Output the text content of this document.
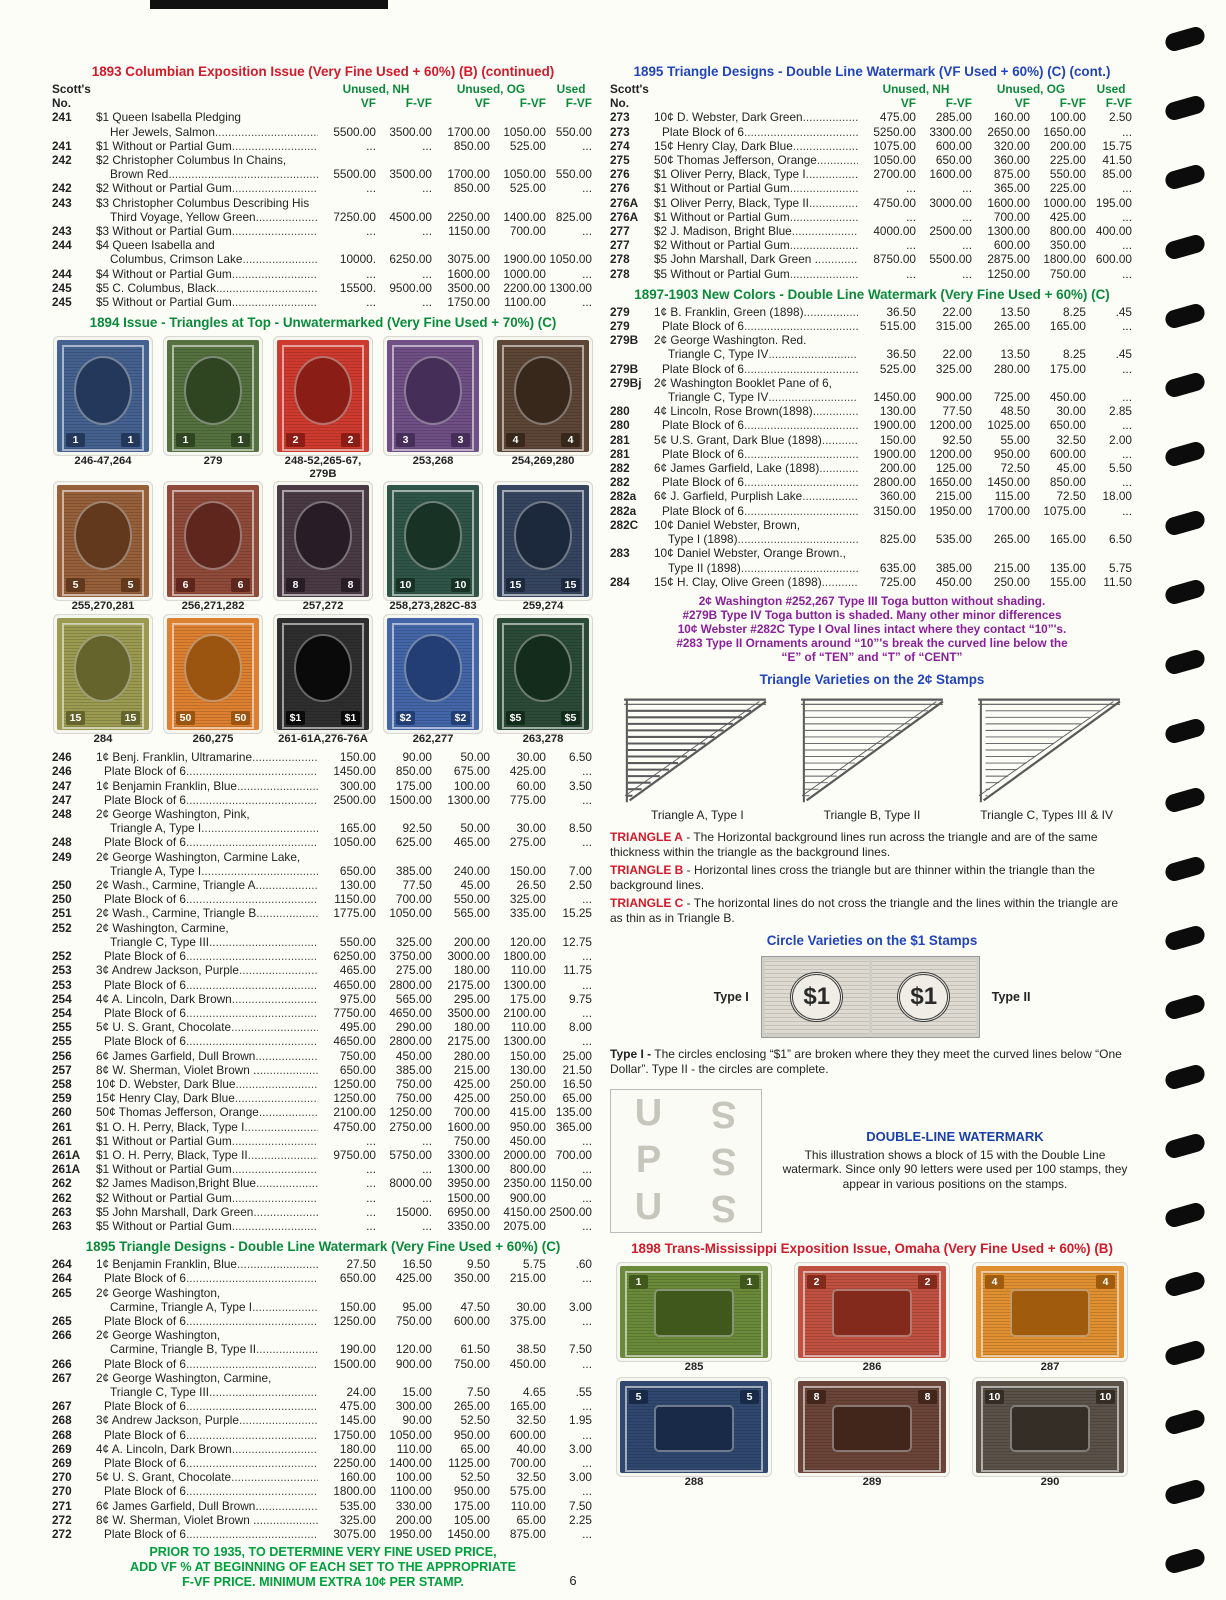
1893 Columbian Exposition Issue (Very Fine Used + 60%) (B) (continued)
Scott's	Unused, NH	Unused, OG	Used
No.	VF	F-VF	VF	F-VF	F-VF
241	$1 Queen Isabella Pledging
Her Jewels, Salmon .....	5500.00	3500.00	1700.00	1050.00 550.00
241	$1 Without or Partial Gum .....	...	...	850.00	525.00	...
242	$2 Christopher Columbus In Chains,
Brown Red .....	5500.00	3500.00	1700.00	1050.00 550.00
242	$2 Without or Partial Gum .....	...	...	850.00	525.00	...
243	$3 Christopher Columbus Describing His
Third Voyage, Yellow Green .....	7250.00	4500.00	2250.00	1400.00 825.00
243	$3 Without or Partial Gum .....	...	...	1150.00	700.00	...
244	$4 Queen Isabella and
Columbus, Crimson Lake .....	10000.	6250.00	3075.00	1900.00 1050.00
244	$4 Without or Partial Gum .....	...	...	1600.00	1000.00	...
245	$5 C. Columbus, Black .....	15500.	9500.00	3500.00	2200.00 1300.00
245	$5 Without or Partial Gum .....	...	...	1750.00	1100.00	...
1894 Issue - Triangles at Top - Unwatermarked (Very Fine Used + 70%) (C)
1	1
246-47,264
1	1
279
2	2
248-52,265-67,
279B
3	3
253,268
4	4
254,269,280
5	5
255,270,281
6	6
256,271,282
8	8
257,272
10	10
258,273,282C-83
15	15
259,274
15	15
284
50	50
260,275
$1	$1
261-61A,276-76A
$2	$2
262,277
$5	$5
263,278
246	1¢ Benj. Franklin, Ultramarine .....	150.00	90.00	50.00	30.00	6.50
246	Plate Block of 6 .....	1450.00	850.00	675.00	425.00	...
247	1¢ Benjamin Franklin, Blue .....	300.00	175.00	100.00	60.00	3.50
247	Plate Block of 6 .....	2500.00	1500.00	1300.00	775.00	...
248	2¢ George Washington, Pink,
Triangle A, Type I .....	165.00	92.50	50.00	30.00	8.50
248	Plate Block of 6 .....	1050.00	625.00	465.00	275.00	...
249	2¢ George Washington, Carmine Lake,
Triangle A, Type I .....	650.00	385.00	240.00	150.00	7.00
250	2¢ Wash., Carmine, Triangle A. .....	130.00	77.50	45.00	26.50	2.50
250	Plate Block of 6 .....	1150.00	700.00	550.00	325.00	...
251	2¢ Wash., Carmine, Triangle B .....	1775.00	1050.00	565.00	335.00	15.25
252	2¢ Washington, Carmine,
Triangle C, Type III .....	550.00	325.00	200.00	120.00	12.75
252	Plate Block of 6 .....	6250.00	3750.00	3000.00	1800.00	...
253	3¢ Andrew Jackson, Purple .....	465.00	275.00	180.00	110.00	11.75
253	Plate Block of 6 .....	4650.00	2800.00	2175.00	1300.00	...
254	4¢ A. Lincoln, Dark Brown .....	975.00	565.00	295.00	175.00	9.75
254	Plate Block of 6 .....	7750.00	4650.00	3500.00	2100.00	...
255	5¢ U. S. Grant, Chocolate .....	495.00	290.00	180.00	110.00	8.00
255	Plate Block of 6 .....	4650.00	2800.00	2175.00	1300.00	...
256	6¢ James Garfield, Dull Brown .....	750.00	450.00	280.00	150.00	25.00
257	8¢ W. Sherman, Violet Brown .. .....	650.00	385.00	215.00	130.00	21.50
258	10¢ D. Webster, Dark Blue .....	1250.00	750.00	425.00	250.00	16.50
259	15¢ Henry Clay, Dark Blue .....	1250.00	750.00	425.00	250.00	65.00
260	50¢ Thomas Jefferson, Orange .....	2100.00	1250.00	700.00	415.00 135.00
261	$1 O. H. Perry, Black, Type I .....	4750.00	2750.00	1600.00	950.00 365.00
261	$1 Without or Partial Gum .....	...	...	750.00	450.00	...
261A	$1 O. H. Perry, Black, Type II .....	9750.00	5750.00	3300.00	2000.00 700.00
261A	$1 Without or Partial Gum .....	...	...	1300.00	800.00	...
262	$2 James Madison,Bright Blue .....	...	8000.00	3950.00	2350.00 1150.00
262	$2 Without or Partial Gum .....	...	...	1500.00	900.00	...
263	$5 John Marshall, Dark Green .....	...	15000.	6950.00	4150.00 2500.00
263	$5 Without or Partial Gum .....	...	...	3350.00	2075.00	...
1895 Triangle Designs - Double Line Watermark (Very Fine Used + 60%) (C)
264	1¢ Benjamin Franklin, Blue .....	27.50	16.50	9.50	5.75	.60
264	Plate Block of 6 .....	650.00	425.00	350.00	215.00	...
265	2¢ George Washington,
Carmine, Triangle A, Type I .....	150.00	95.00	47.50	30.00	3.00
265	Plate Block of 6 .....	1250.00	750.00	600.00	375.00	...
266	2¢ George Washington,
Carmine, Triangle B, Type II .....	190.00	120.00	61.50	38.50	7.50
266	Plate Block of 6 .....	1500.00	900.00	750.00	450.00	...
267	2¢ George Washington, Carmine,
Triangle C, Type III .....	24.00	15.00	7.50	4.65	.55
267	Plate Block of 6 .....	475.00	300.00	265.00	165.00	...
268	3¢ Andrew Jackson, Purple .....	145.00	90.00	52.50	32.50	1.95
268	Plate Block of 6 .....	1750.00	1050.00	950.00	600.00	...
269	4¢ A. Lincoln, Dark Brown .....	180.00	110.00	65.00	40.00	3.00
269	Plate Block of 6 .....	2250.00	1400.00	1125.00	700.00	...
270	5¢ U. S. Grant, Chocolate .....	160.00	100.00	52.50	32.50	3.00
270	Plate Block of 6 .....	1800.00	1100.00	950.00	575.00	...
271	6¢ James Garfield, Dull Brown. .....	535.00	330.00	175.00	110.00	7.50
272	8¢ W. Sherman, Violet Brown .. .....	325.00	200.00	105.00	65.00	2.25
272	Plate Block of 6 .....	3075.00	1950.00	1450.00	875.00	...
PRIOR TO 1935, TO DETERMINE VERY FINE USED PRICE,
ADD VF % AT BEGINNING OF EACH SET TO THE APPROPRIATE
F-VF PRICE. MINIMUM EXTRA 10¢ PER STAMP.
1895 Triangle Designs - Double Line Watermark (VF Used + 60%) (C) (cont.)
Scott's	Unused, NH	Unused, OG	Used
No.	VF	F-VF	VF	F-VF	F-VF
273	10¢ D. Webster, Dark Green .....	475.00	285.00	160.00	100.00	2.50
273	Plate Block of 6 .....	5250.00	3300.00	2650.00	1650.00	...
274	15¢ Henry Clay, Dark Blue .....	1075.00	600.00	320.00	200.00	15.75
275	50¢ Thomas Jefferson, Orange .....	1050.00	650.00	360.00	225.00	41.50
276	$1 Oliver Perry, Black, Type I .....	2700.00	1600.00	875.00	550.00	85.00
276	$1 Without or Partial Gum .....	...	...	365.00	225.00	...
276A	$1 Oliver Perry, Black, Type II .....	4750.00	3000.00	1600.00	1000.00 195.00
276A	$1 Without or Partial Gum .....	...	...	700.00	425.00	...
277	$2 J. Madison, Bright Blue .....	4000.00	2500.00	1300.00	800.00 400.00
277	$2 Without or Partial Gum .....	...	...	600.00	350.00	...
278	$5 John Marshall, Dark Green . .....	8750.00	5500.00	2875.00	1800.00 600.00
278	$5 Without or Partial Gum .....	...	...	1250.00	750.00	...
1897-1903 New Colors - Double Line Watermark (Very Fine Used + 60%) (C)
279	1¢ B. Franklin, Green (1898) .....	36.50	22.00	13.50	8.25	.45
279	Plate Block of 6 .....	515.00	315.00	265.00	165.00	...
279B	2¢ George Washington. Red.
Triangle C, Type IV .....	36.50	22.00	13.50	8.25	.45
279B	Plate Block of 6 .....	525.00	325.00	280.00	175.00	...
279Bj	2¢ Washington Booklet Pane of 6,
Triangle C, Type IV .....	1450.00	900.00	725.00	450.00	...
280	4¢ Lincoln, Rose Brown(1898). .....	130.00	77.50	48.50	30.00	2.85
280	Plate Block of 6 .....	1900.00	1200.00	1025.00	650.00	...
281	5¢ U.S. Grant, Dark Blue (1898) .....	150.00	92.50	55.00	32.50	2.00
281	Plate Block of 6 .....	1900.00	1200.00	950.00	600.00	...
282	6¢ James Garfield, Lake (1898) .....	200.00	125.00	72.50	45.00	5.50
282	Plate Block of 6 .....	2800.00	1650.00	1450.00	850.00	...
282a	6¢ J. Garfield, Purplish Lake .....	360.00	215.00	115.00	72.50	18.00
282a	Plate Block of 6 .....	3150.00	1950.00	1700.00	1075.00	...
282C	10¢ Daniel Webster, Brown,
Type I (1898) .....	825.00	535.00	265.00	165.00	6.50
283	10¢ Daniel Webster, Orange Brown.,
Type II (1898) .....	635.00	385.00	215.00	135.00	5.75
284	15¢ H. Clay, Olive Green (1898) .....	725.00	450.00	250.00	155.00	11.50
2¢ Washington #252,267 Type III Toga button without shading.
#279B Type IV Toga button is shaded. Many other minor differences
10¢ Webster #282C Type I Oval lines intact where they contact “10”'s.
#283 Type II Ornaments around “10”'s break the curved line below the
“E” of “TEN” and “T” of “CENT”
Triangle Varieties on the 2¢ Stamps
Triangle A, Type I	Triangle B, Type II	Triangle C, Types III & IV
TRIANGLE A - The Horizontal background lines run across the triangle and are of the same thickness within the triangle as the background lines.
TRIANGLE B - Horizontal lines cross the triangle but are thinner within the triangle than the background lines.
TRIANGLE C - The horizontal lines do not cross the triangle and the lines within the triangle are as thin as in Triangle B.
Circle Varieties on the $1 Stamps
Type I	$1	$1	Type II
Type I - The circles enclosing “$1” are broken where they they meet the curved lines below “One Dollar”. Type II - the circles are complete.
U S
P S
U S
DOUBLE-LINE WATERMARK
This illustration shows a block of 15 with the Double Line watermark. Since only 90 letters were used per 100 stamps, they appear in various positions on the stamps.
1898 Trans-Mississippi Exposition Issue, Omaha (Very Fine Used + 60%) (B)
1	1
285
2	2
286
4	4
287
5	5
288
8	8
289
10	10
290
6
